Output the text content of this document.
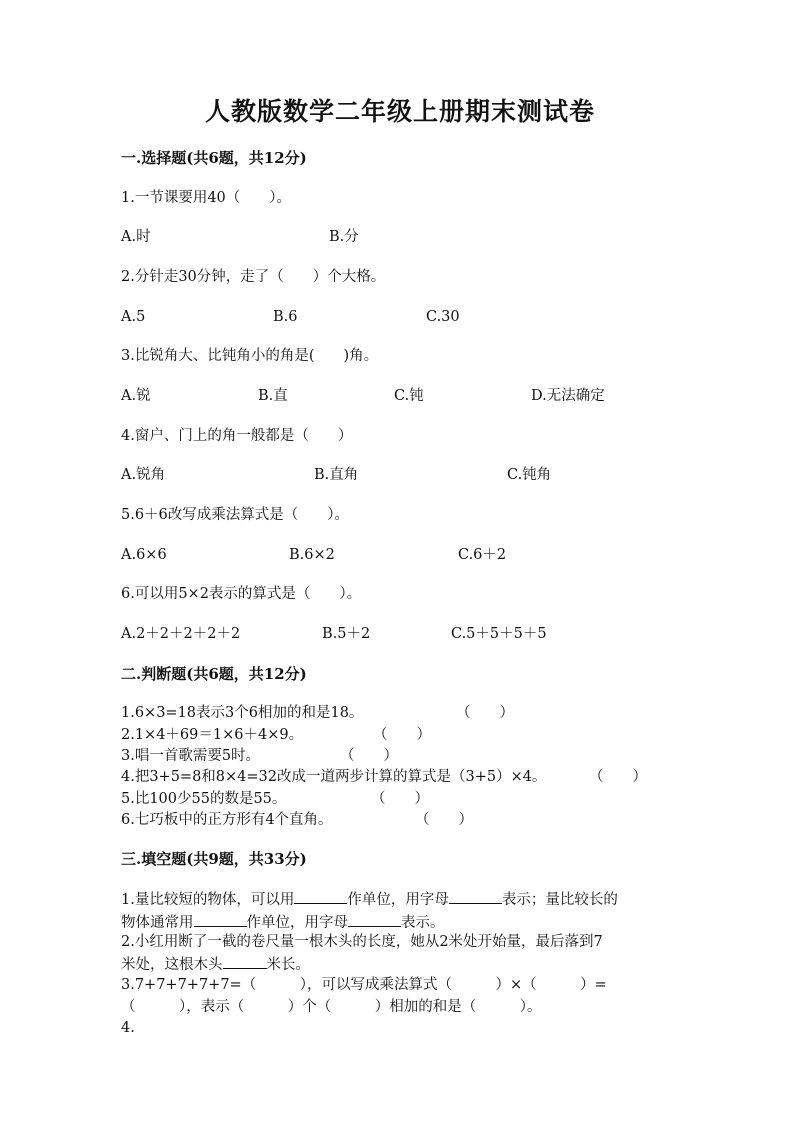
人教版数学二年级上册期末测试卷
一.选择题(共6题，共12分)
1.一节课要用40（　　）。
A.时	B.分
2.分针走30分钟，走了（　　）个大格。
A.5	B.6	C.30
3.比锐角大、比钝角小的角是(　　)角。
A.锐	B.直	C.钝	D.无法确定
4.窗户、门上的角一般都是（　　）
A.锐角	B.直角	C.钝角
5.6＋6改写成乘法算式是（　　）。
A.6×6	B.6×2	C.6＋2
6.可以用5×2表示的算式是（　　）。
A.2＋2＋2＋2＋2	B.5＋2	C.5＋5＋5＋5
二.判断题(共6题，共12分)
1.6×3=18表示3个6相加的和是18。	（　　）
2.1×4＋69＝1×6＋4×9。	（　　）
3.唱一首歌需要5时。	（　　）
4.把3+5=8和8×4=32改成一道两步计算的算式是（3+5）×4。	（　　）
5.比100少55的数是55。	（　　）
6.七巧板中的正方形有4个直角。	（　　）
三.填空题(共9题，共33分)
1.量比较短的物体，可以用	作单位，用字母	表示；量比较长的
物体通常用	作单位，用字母	表示。
2.小红用断了一截的卷尺量一根木头的长度，她从2米处开始量，最后落到7
米处，这根木头	米长。
3.7+7+7+7+7=（　　　），可以写成乘法算式（　　　）×（　　　）=
（　　　），表示（　　　）个（　　　）相加的和是（　　　）。
4.
